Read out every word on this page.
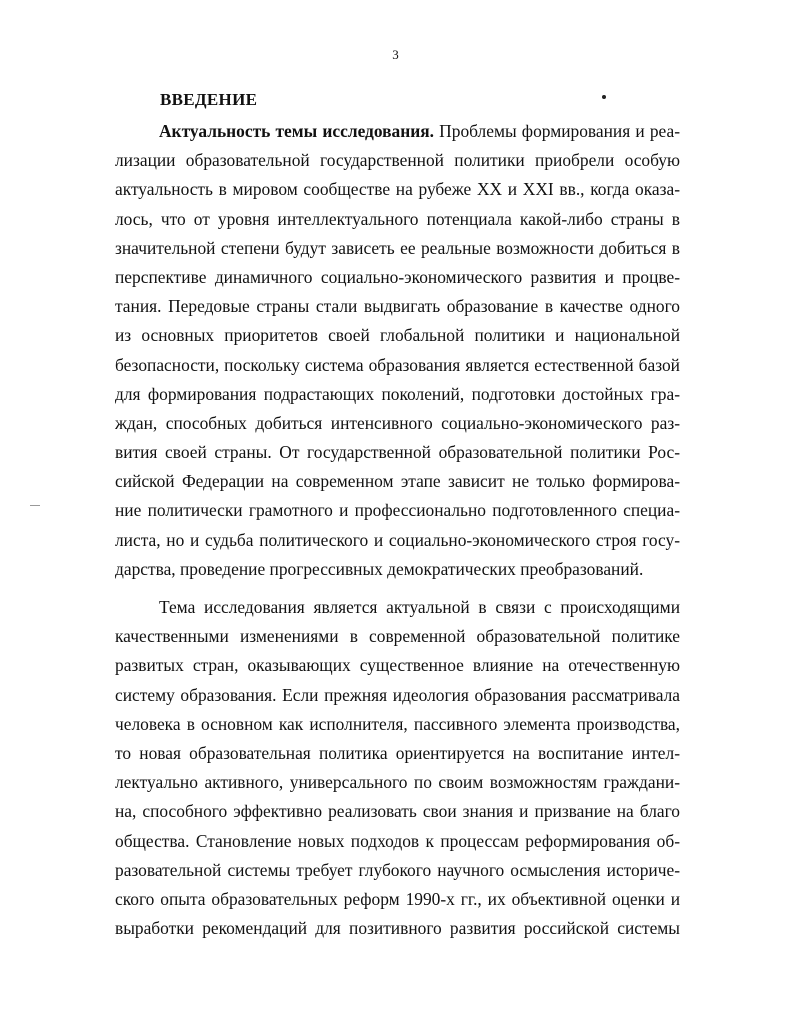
3
ВВЕДЕНИЕ
Актуальность темы исследования. Проблемы формирования и реа-
лизации образовательной государственной политики приобрели особую
актуальность в мировом сообществе на рубеже XX и XXI вв., когда оказа-
лось, что от уровня интеллектуального потенциала какой-либо страны в
значительной степени будут зависеть ее реальные возможности добиться в
перспективе динамичного социально-экономического развития и процве-
тания. Передовые страны стали выдвигать образование в качестве одного
из основных приоритетов своей глобальной политики и национальной
безопасности, поскольку система образования является естественной базой
для формирования подрастающих поколений, подготовки достойных гра-
ждан, способных добиться интенсивного социально-экономического раз-
вития своей страны. От государственной образовательной политики Рос-
сийской Федерации на современном этапе зависит не только формирова-
ние политически грамотного и профессионально подготовленного специа-
листа, но и судьба политического и социально-экономического строя госу-
дарства, проведение прогрессивных демократических преобразований.
Тема исследования является актуальной в связи с происходящими
качественными изменениями в современной образовательной политике
развитых стран, оказывающих существенное влияние на отечественную
систему образования. Если прежняя идеология образования рассматривала
человека в основном как исполнителя, пассивного элемента производства,
то новая образовательная политика ориентируется на воспитание интел-
лектуально активного, универсального по своим возможностям граждани-
на, способного эффективно реализовать свои знания и призвание на благо
общества. Становление новых подходов к процессам реформирования об-
разовательной системы требует глубокого научного осмысления историче-
ского опыта образовательных реформ 1990-х гг., их объективной оценки и
выработки рекомендаций для позитивного развития российской системы
